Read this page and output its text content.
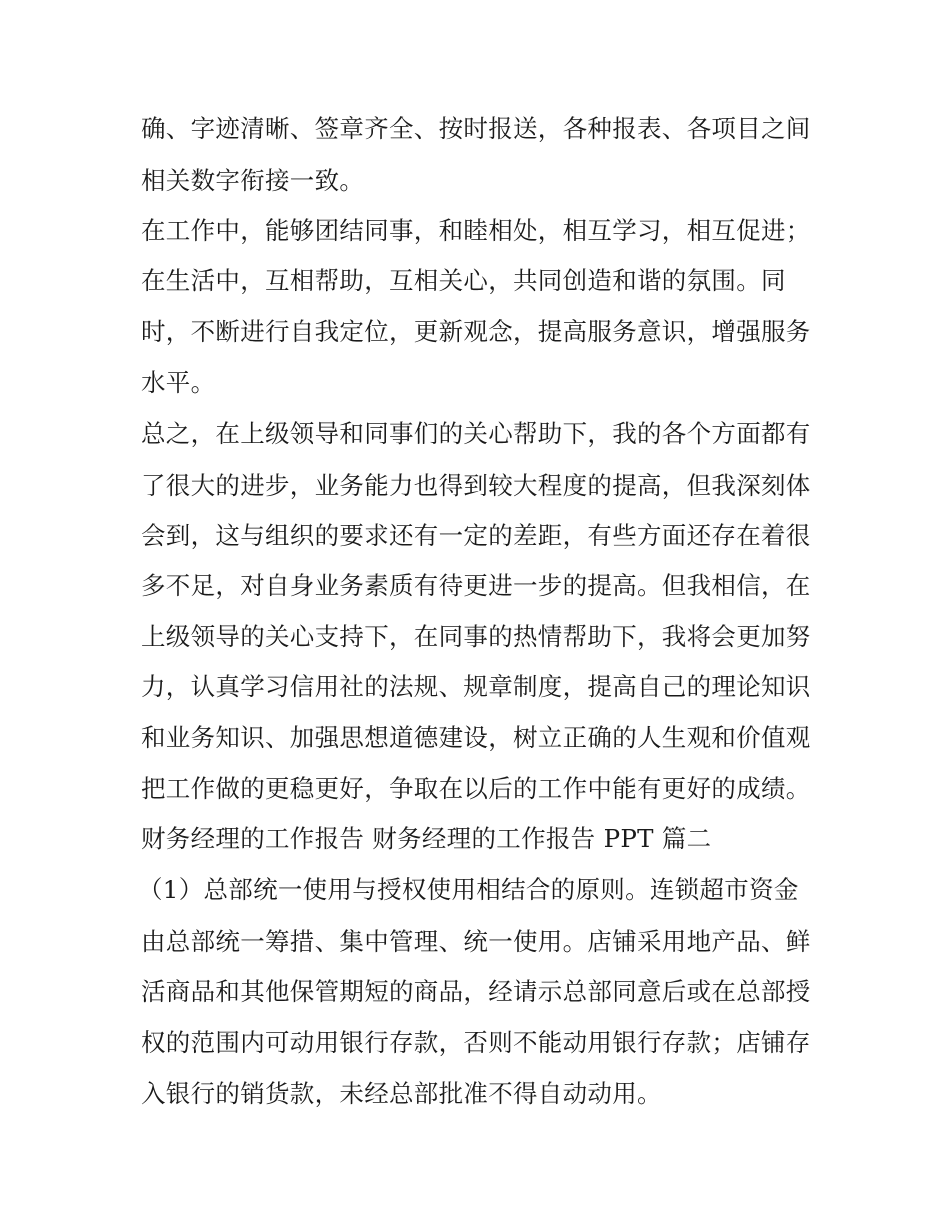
确、字迹清晰、签章齐全、按时报送，各种报表、各项目之间
相关数字衔接一致。
在工作中，能够团结同事，和睦相处，相互学习，相互促进；
在生活中，互相帮助，互相关心，共同创造和谐的氛围。同
时，不断进行自我定位，更新观念，提高服务意识，增强服务
水平。
总之，在上级领导和同事们的关心帮助下，我的各个方面都有
了很大的进步，业务能力也得到较大程度的提高，但我深刻体
会到，这与组织的要求还有一定的差距，有些方面还存在着很
多不足，对自身业务素质有待更进一步的提高。但我相信，在
上级领导的关心支持下，在同事的热情帮助下，我将会更加努
力，认真学习信用社的法规、规章制度，提高自己的理论知识
和业务知识、加强思想道德建设，树立正确的人生观和价值观
把工作做的更稳更好，争取在以后的工作中能有更好的成绩。
财务经理的工作报告 财务经理的工作报告 PPT 篇二
（1）总部统一使用与授权使用相结合的原则。连锁超市资金
由总部统一筹措、集中管理、统一使用。店铺采用地产品、鲜
活商品和其他保管期短的商品，经请示总部同意后或在总部授
权的范围内可动用银行存款，否则不能动用银行存款；店铺存
入银行的销货款，未经总部批准不得自动动用。
